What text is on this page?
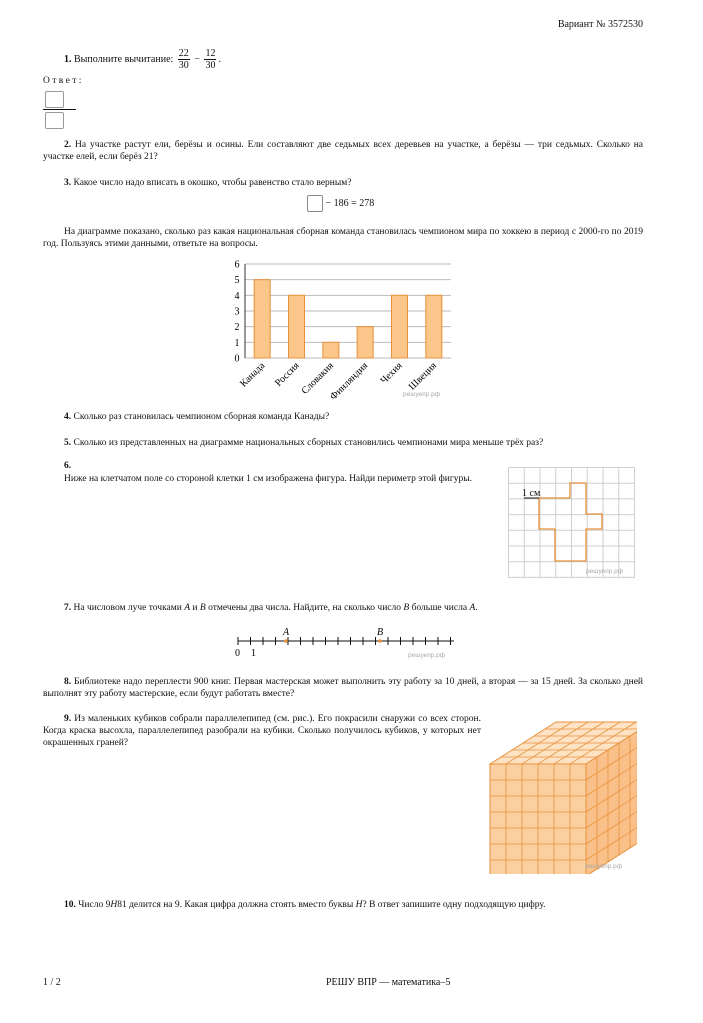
Вариант № 3572530
1. Выполните вычитание: $\frac{22}{30} - \frac{12}{30}$ .
О т в е т :
2. На участке растут ели, берёзы и осины. Ели составляют две седьмых всех деревьев на участке, а берёзы — три седьмых. Сколько на участке елей, если берёз 21?
3. Какое число надо вписать в окошко, чтобы равенство стало верным?
− 186 = 278
На диаграмме показано, сколько раз какая национальная сборная команда становилась чемпионом мира по хоккею в период с 2000-го по 2019 год. Пользуясь этими данными, ответьте на вопросы.
0
1
2
3
4
5
6
Канада Россия
Словакия
Финляндия Чехия Швеция
решуепр.рф
4. Сколько раз становилась чемпионом сборная команда Канады?
5. Сколько из представленных на диаграмме национальных сборных становились чемпионами мира меньше трёх раз?
6.
Ниже на клетчатом поле со стороной клетки 1 см изображена фигура. Найди периметр этой фигуры.
1 см
решуепр.рф
7. На числовом луче точками A и B отмечены два числа. Найдите, на сколько число B больше числа A.
A	B
0 1	решуепр.рф
8. Библиотеке надо переплести 900 книг. Первая мастерская может выполнить эту работу за 10 дней, а вторая — за 15 дней. За сколько дней выполнят эту работу мастерские, если будут работать вместе?
9. Из маленьких кубиков собрали параллелепипед (см. рис.). Его покрасили снаружи со всех сторон. Когда краска высохла, параллелепипед разобрали на кубики. Сколько получилось кубиков, у которых нет окрашенных граней?
решуепр.рф
10. Число 9Н81 делится на 9. Какая цифра должна стоять вместо буквы Н? В ответ запишите одну подходящую цифру.
1 / 2	РЕШУ ВПР — математика–5
